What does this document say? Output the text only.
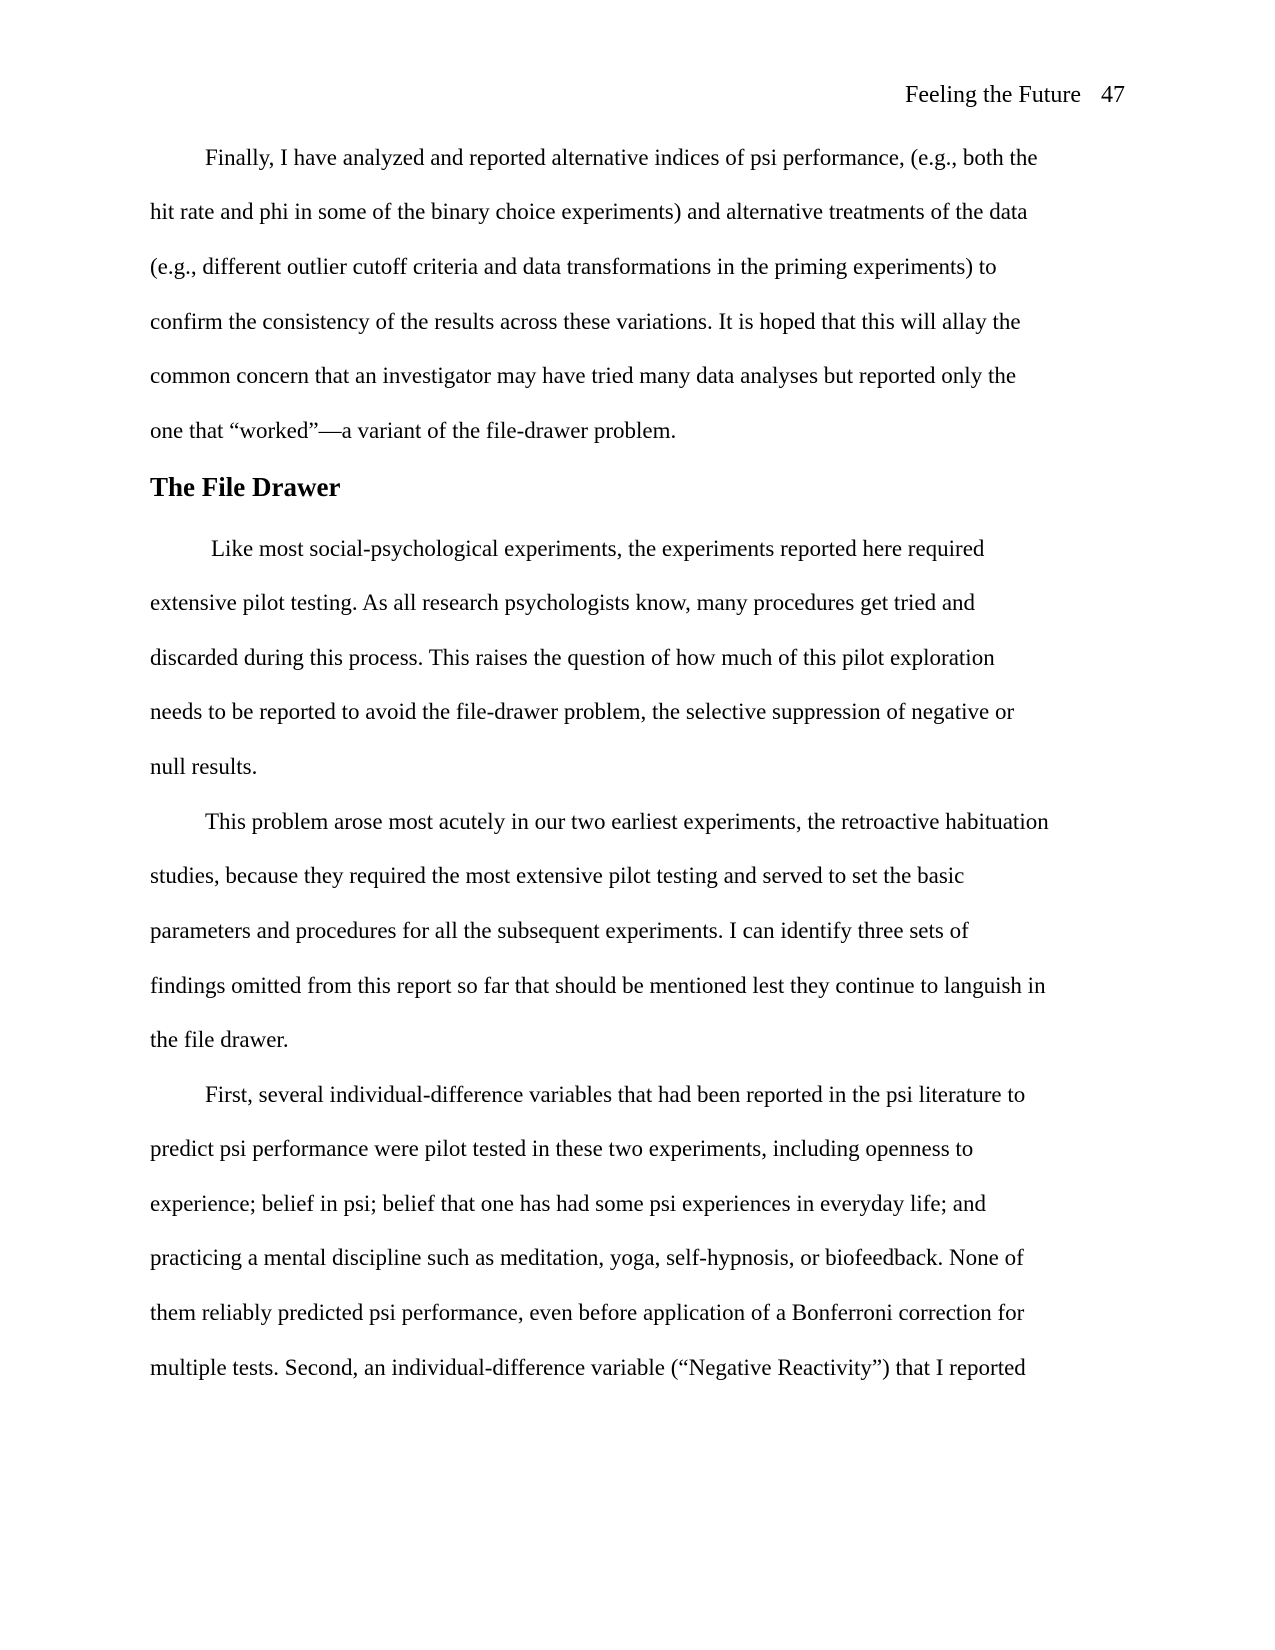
Feeling the Future 47
Finally, I have analyzed and reported alternative indices of psi performance, (e.g., both the
hit rate and phi in some of the binary choice experiments) and alternative treatments of the data
(e.g., different outlier cutoff criteria and data transformations in the priming experiments) to
confirm the consistency of the results across these variations. It is hoped that this will allay the
common concern that an investigator may have tried many data analyses but reported only the
one that “worked”—a variant of the file-drawer problem.
The File Drawer
Like most social-psychological experiments, the experiments reported here required
extensive pilot testing. As all research psychologists know, many procedures get tried and
discarded during this process. This raises the question of how much of this pilot exploration
needs to be reported to avoid the file-drawer problem, the selective suppression of negative or
null results.
This problem arose most acutely in our two earliest experiments, the retroactive habituation
studies, because they required the most extensive pilot testing and served to set the basic
parameters and procedures for all the subsequent experiments. I can identify three sets of
findings omitted from this report so far that should be mentioned lest they continue to languish in
the file drawer.
First, several individual-difference variables that had been reported in the psi literature to
predict psi performance were pilot tested in these two experiments, including openness to
experience; belief in psi; belief that one has had some psi experiences in everyday life; and
practicing a mental discipline such as meditation, yoga, self-hypnosis, or biofeedback. None of
them reliably predicted psi performance, even before application of a Bonferroni correction for
multiple tests. Second, an individual-difference variable (“Negative Reactivity”) that I reported
